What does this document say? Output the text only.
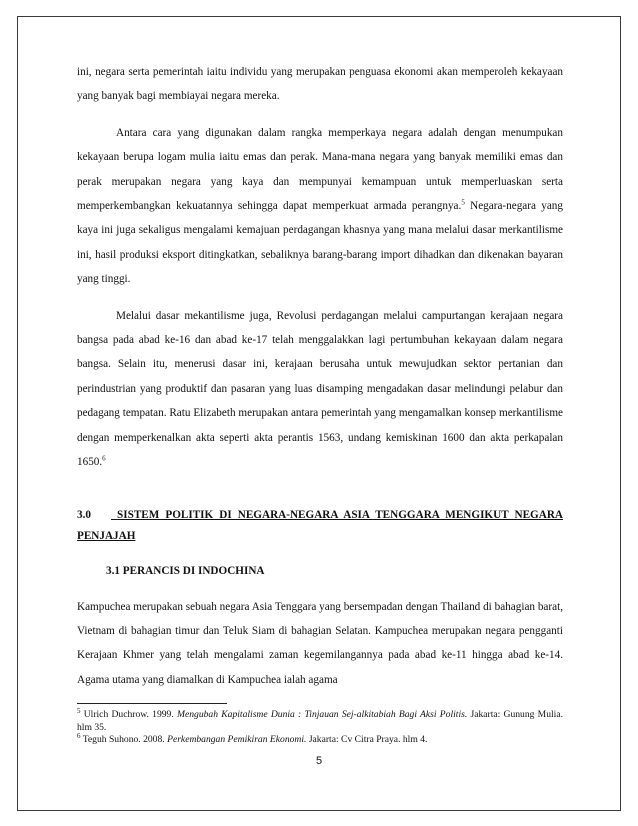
ini, negara serta pemerintah iaitu individu yang merupakan penguasa ekonomi akan memperoleh kekayaan yang banyak bagi membiayai negara mereka.

Antara cara yang digunakan dalam rangka memperkaya negara adalah dengan menumpukan kekayaan berupa logam mulia iaitu emas dan perak. Mana-mana negara yang banyak memiliki emas dan perak merupakan negara yang kaya dan mempunyai kemampuan untuk memperluaskan serta memperkembangkan kekuatannya sehingga dapat memperkuat armada perangnya.$^5$ Negara-negara yang kaya ini juga sekaligus mengalami kemajuan perdagangan khasnya yang mana melalui dasar merkantilisme ini, hasil produksi eksport ditingkatkan, sebaliknya barang-barang import dihadkan dan dikenakan bayaran yang tinggi.

Melalui dasar mekantilisme juga, Revolusi perdagangan melalui campurtangan kerajaan negara bangsa pada abad ke-16 dan abad ke-17 telah menggalakkan lagi pertumbuhan kekayaan dalam negara bangsa. Selain itu, menerusi dasar ini, kerajaan berusaha untuk mewujudkan sektor pertanian dan perindustrian yang produktif dan pasaran yang luas disamping mengadakan dasar melindungi pelabur dan pedagang tempatan. Ratu Elizabeth merupakan antara pemerintah yang mengamalkan konsep merkantilisme dengan memperkenalkan akta seperti akta perantis 1563, undang kemiskinan 1600 dan akta perkapalan 1650.$^6$

3.0 SISTEM POLITIK DI NEGARA-NEGARA ASIA TENGGARA MENGIKUT NEGARA PENJAJAH
3.1 PERANCIS DI INDOCHINA

Kampuchea merupakan sebuah negara Asia Tenggara yang bersempadan dengan Thailand di bahagian barat, Vietnam di bahagian timur dan Teluk Siam di bahagian Selatan. Kampuchea merupakan negara pengganti Kerajaan Khmer yang telah mengalami zaman kegemilangannya pada abad ke-11 hingga abad ke-14. Agama utama yang diamalkan di Kampuchea ialah agama

$^5$ Ulrich Duchrow. 1999. Mengubah Kapitalisme Dunia : Tinjauan Sej-alkitabiah Bagi Aksi Politis. Jakarta: Gunung Mulia. hlm 35.
$^6$ Teguh Suhono. 2008. Perkembangan Pemikiran Ekonomi. Jakarta: Cv Citra Praya. hlm 4.
5
